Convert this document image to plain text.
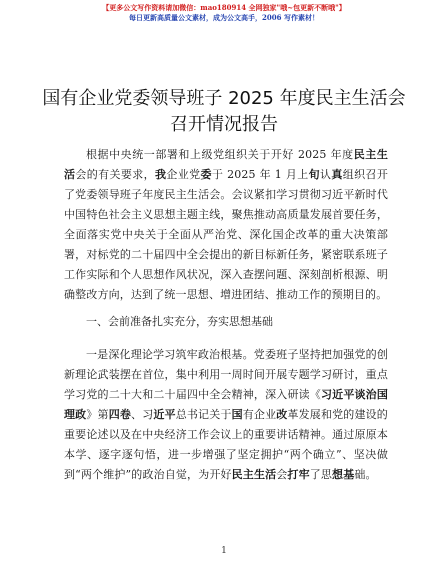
【更多公文写作资料请加微信：mao180914 全网独家"哦~包更新不断哦"】
每日更新高质量公文素材，成为公文高手，2006 写作素材！
国有企业党委领导班子 2025 年度民主生活会召开情况报告

根据中央统一部署和上级党组织关于开好 2025 年度民主生活会的有关要求，我企业党委于 2025 年 1 月上旬认真组织召开了党委领导班子年度民主生活会。会议紧扣学习贯彻习近平新时代中国特色社会主义思想主题主线，聚焦推动高质量发展首要任务，全面落实党中央关于全面从严治党、深化国企改革的重大决策部署，对标党的二十届四中全会提出的新目标新任务，紧密联系班子工作实际和个人思想作风状况，深入查摆问题、深刻剖析根源、明确整改方向，达到了统一思想、增进团结、推动工作的预期目的。

一、会前准备扎实充分，夯实思想基础

一是深化理论学习筑牢政治根基。党委班子坚持把加强党的创新理论武装摆在首位，集中利用一周时间开展专题学习研讨，重点学习党的二十大和二十届四中全会精神，深入研读《习近平谈治国理政》第四卷、习近平总书记关于国有企业改革发展和党的建设的重要论述以及在中央经济工作会议上的重要讲话精神。通过原原本本学、逐字逐句悟，进一步增强了坚定拥护“两个确立”、坚决做到“两个维护”的政治自觉，为开好民主生活会打牢了思想基础。

1
